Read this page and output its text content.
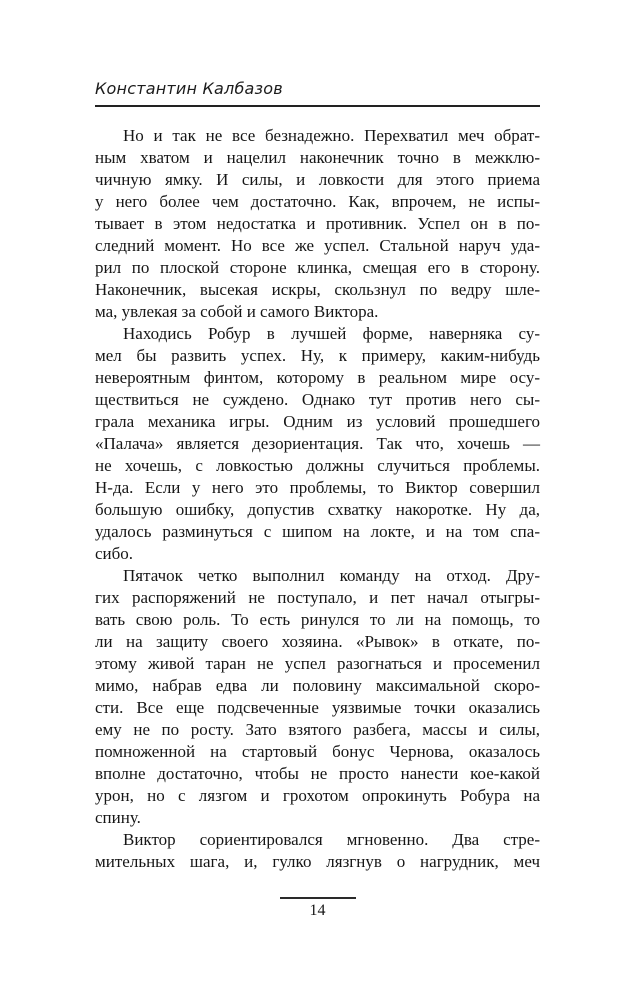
Константин Калбазов
Но и так не все безнадежно. Перехватил меч обрат-
ным хватом и нацелил наконечник точно в межклю-
чичную ямку. И силы, и ловкости для этого приема
у него более чем достаточно. Как, впрочем, не испы-
тывает в этом недостатка и противник. Успел он в по-
следний момент. Но все же успел. Стальной наруч уда-
рил по плоской стороне клинка, смещая его в сторону.
Наконечник, высекая искры, скользнул по ведру шле-
ма, увлекая за собой и самого Виктора.
Находись Робур в лучшей форме, наверняка су-
мел бы развить успех. Ну, к примеру, каким-нибудь
невероятным финтом, которому в реальном мире осу-
ществиться не суждено. Однако тут против него сы-
грала механика игры. Одним из условий прошедшего
«Палача» является дезориентация. Так что, хочешь —
не хочешь, с ловкостью должны случиться проблемы.
Н-да. Если у него это проблемы, то Виктор совершил
большую ошибку, допустив схватку накоротке. Ну да,
удалось разминуться с шипом на локте, и на том спа-
сибо.
Пятачок четко выполнил команду на отход. Дру-
гих распоряжений не поступало, и пет начал отыгры-
вать свою роль. То есть ринулся то ли на помощь, то
ли на защиту своего хозяина. «Рывок» в откате, по-
этому живой таран не успел разогнаться и просеменил
мимо, набрав едва ли половину максимальной скоро-
сти. Все еще подсвеченные уязвимые точки оказались
ему не по росту. Зато взятого разбега, массы и силы,
помноженной на стартовый бонус Чернова, оказалось
вполне достаточно, чтобы не просто нанести кое-какой
урон, но с лязгом и грохотом опрокинуть Робура на
спину.
Виктор сориентировался мгновенно. Два стре-
мительных шага, и, гулко лязгнув о нагрудник, меч
14
